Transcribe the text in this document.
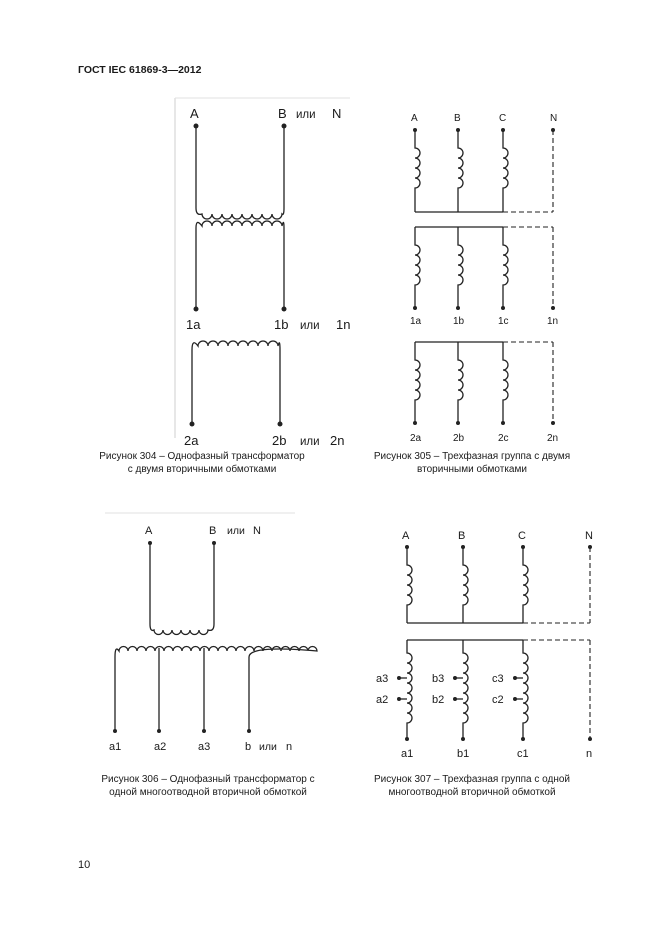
ГОСТ IEC 61869-3—2012
A	B или N
1a	1b или 1n
2a	2b или 2n
Рисунок 304 – Однофазный трансформатор
с двумя вторичными обмотками
A	B	C	N
1a	1b	1c	1n
2a	2b	2c	2n
Рисунок 305 – Трехфазная группа с двумя
вторичными обмотками
A	B или N
a1	a2	a3	b или n
Рисунок 306 – Однофазный трансформатор с
одной многоотводной вторичной обмоткой
A	B	C	N
a3
a2
b3
b2
c3
c2
a1	b1	c1	n
Рисунок 307 – Трехфазная группа с одной
многоотводной вторичной обмоткой
10
